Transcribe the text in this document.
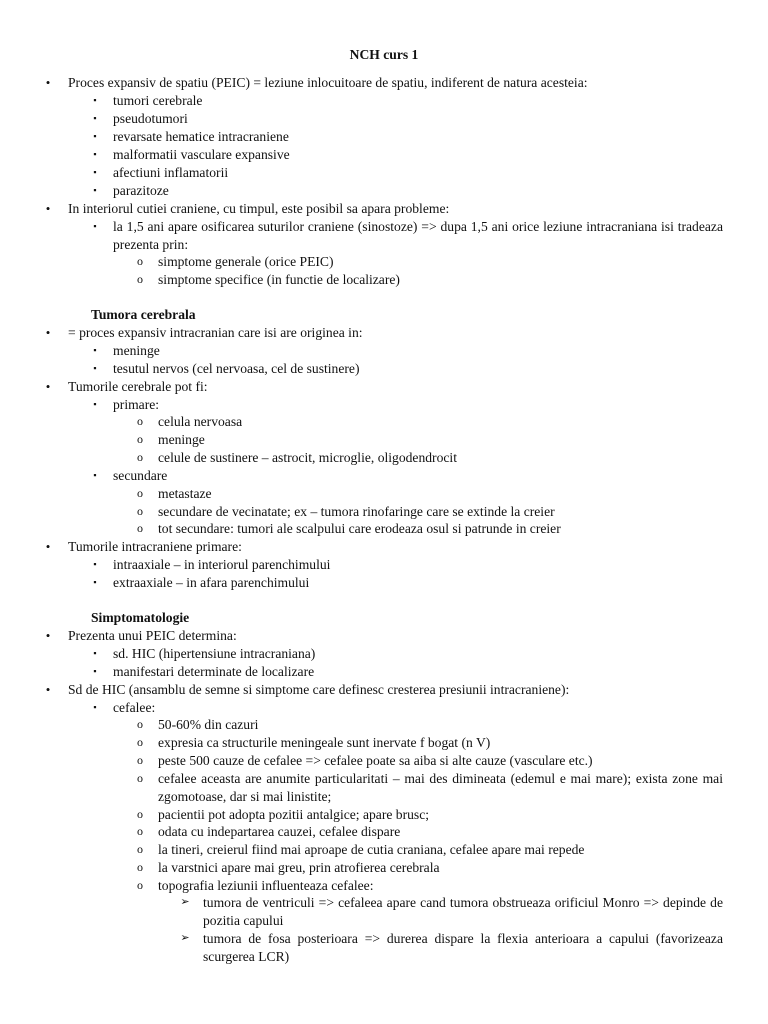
NCH curs 1
• Proces expansiv de spatiu (PEIC) = leziune inlocuitoare de spatiu, indiferent de natura acesteia:
▪ tumori cerebrale
▪ pseudotumori
▪ revarsate hematice intracraniene
▪ malformatii vasculare expansive
▪ afectiuni inflamatorii
▪ parazitoze
• In interiorul cutiei craniene, cu timpul, este posibil sa apara probleme:
▪ la 1,5 ani apare osificarea suturilor craniene (sinostoze) => dupa 1,5 ani orice leziune intracraniana isi tradeaza
prezenta prin:
o simptome generale (orice PEIC)
o simptome specifice (in functie de localizare)
Tumora cerebrala
• = proces expansiv intracranian care isi are originea in:
▪ meninge
▪ tesutul nervos (cel nervoasa, cel de sustinere)
• Tumorile cerebrale pot fi:
▪ primare:
o celula nervoasa
o meninge
o celule de sustinere – astrocit, microglie, oligodendrocit
▪ secundare
o metastaze
o secundare de vecinatate; ex – tumora rinofaringe care se extinde la creier
o tot secundare: tumori ale scalpului care erodeaza osul si patrunde in creier
• Tumorile intracraniene primare:
▪ intraaxiale – in interiorul parenchimului
▪ extraaxiale – in afara parenchimului
Simptomatologie
• Prezenta unui PEIC determina:
▪ sd. HIC (hipertensiune intracraniana)
▪ manifestari determinate de localizare
• Sd de HIC (ansamblu de semne si simptome care definesc cresterea presiunii intracraniene):
▪ cefalee:
o 50-60% din cazuri
o expresia ca structurile meningeale sunt inervate f bogat (n V)
o peste 500 cauze de cefalee => cefalee poate sa aiba si alte cauze (vasculare etc.)
o cefalee aceasta are anumite particularitati – mai des dimineata (edemul e mai mare); exista zone mai zgomotoase, dar si mai linistite;
o pacientii pot adopta pozitii antalgice; apare brusc;
o odata cu indepartarea cauzei, cefalee dispare
o la tineri, creierul fiind mai aproape de cutia craniana, cefalee apare mai repede
o la varstnici apare mai greu, prin atrofierea cerebrala
o topografia leziunii influenteaza cefalee:
➢ tumora de ventriculi => cefaleea apare cand tumora obstrueaza orificiul Monro => depinde de pozitia capului
➢ tumora de fosa posterioara => durerea dispare la flexia anterioara a capului (favorizeaza scurgerea LCR)
